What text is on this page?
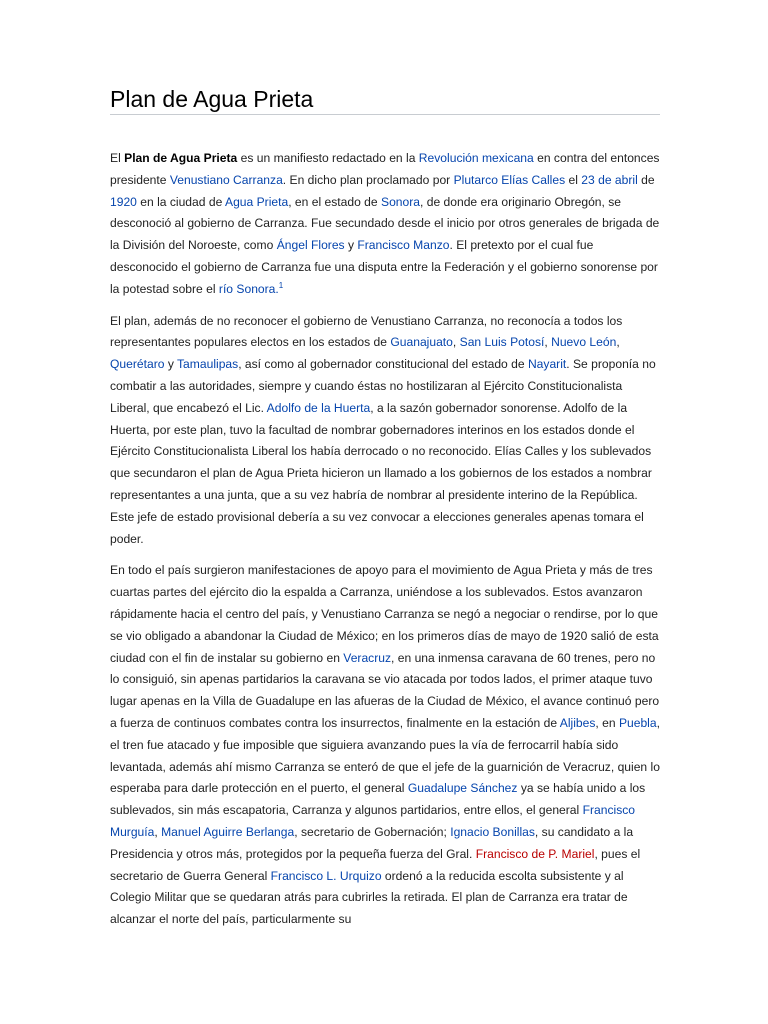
Plan de Agua Prieta

El Plan de Agua Prieta es un manifiesto redactado en la Revolución mexicana en contra del entonces presidente Venustiano Carranza. En dicho plan proclamado por Plutarco Elías Calles el 23 de abril de 1920 en la ciudad de Agua Prieta, en el estado de Sonora, de donde era originario Obregón, se desconoció al gobierno de Carranza. Fue secundado desde el inicio por otros generales de brigada de la División del Noroeste, como Ángel Flores y Francisco Manzo. El pretexto por el cual fue desconocido el gobierno de Carranza fue una disputa entre la Federación y el gobierno sonorense por la potestad sobre el río Sonora.$^1$

El plan, además de no reconocer el gobierno de Venustiano Carranza, no reconocía a todos los representantes populares electos en los estados de Guanajuato, San Luis Potosí, Nuevo León, Querétaro y Tamaulipas, así como al gobernador constitucional del estado de Nayarit. Se proponía no combatir a las autoridades, siempre y cuando éstas no hostilizaran al Ejército Constitucionalista Liberal, que encabezó el Lic. Adolfo de la Huerta, a la sazón gobernador sonorense. Adolfo de la Huerta, por este plan, tuvo la facultad de nombrar gobernadores interinos en los estados donde el Ejército Constitucionalista Liberal los había derrocado o no reconocido. Elías Calles y los sublevados que secundaron el plan de Agua Prieta hicieron un llamado a los gobiernos de los estados a nombrar representantes a una junta, que a su vez habría de nombrar al presidente interino de la República. Este jefe de estado provisional debería a su vez convocar a elecciones generales apenas tomara el poder.

En todo el país surgieron manifestaciones de apoyo para el movimiento de Agua Prieta y más de tres cuartas partes del ejército dio la espalda a Carranza, uniéndose a los sublevados. Estos avanzaron rápidamente hacia el centro del país, y Venustiano Carranza se negó a negociar o rendirse, por lo que se vio obligado a abandonar la Ciudad de México; en los primeros días de mayo de 1920 salió de esta ciudad con el fin de instalar su gobierno en Veracruz, en una inmensa caravana de 60 trenes, pero no lo consiguió, sin apenas partidarios la caravana se vio atacada por todos lados, el primer ataque tuvo lugar apenas en la Villa de Guadalupe en las afueras de la Ciudad de México, el avance continuó pero a fuerza de continuos combates contra los insurrectos, finalmente en la estación de Aljibes, en Puebla, el tren fue atacado y fue imposible que siguiera avanzando pues la vía de ferrocarril había sido levantada, además ahí mismo Carranza se enteró de que el jefe de la guarnición de Veracruz, quien lo esperaba para darle protección en el puerto, el general Guadalupe Sánchez ya se había unido a los sublevados, sin más escapatoria, Carranza y algunos partidarios, entre ellos, el general Francisco Murguía, Manuel Aguirre Berlanga, secretario de Gobernación; Ignacio Bonillas, su candidato a la Presidencia y otros más, protegidos por la pequeña fuerza del Gral. Francisco de P. Mariel, pues el secretario de Guerra General Francisco L. Urquizo ordenó a la reducida escolta subsistente y al Colegio Militar que se quedaran atrás para cubrirles la retirada. El plan de Carranza era tratar de alcanzar el norte del país, particularmente su
